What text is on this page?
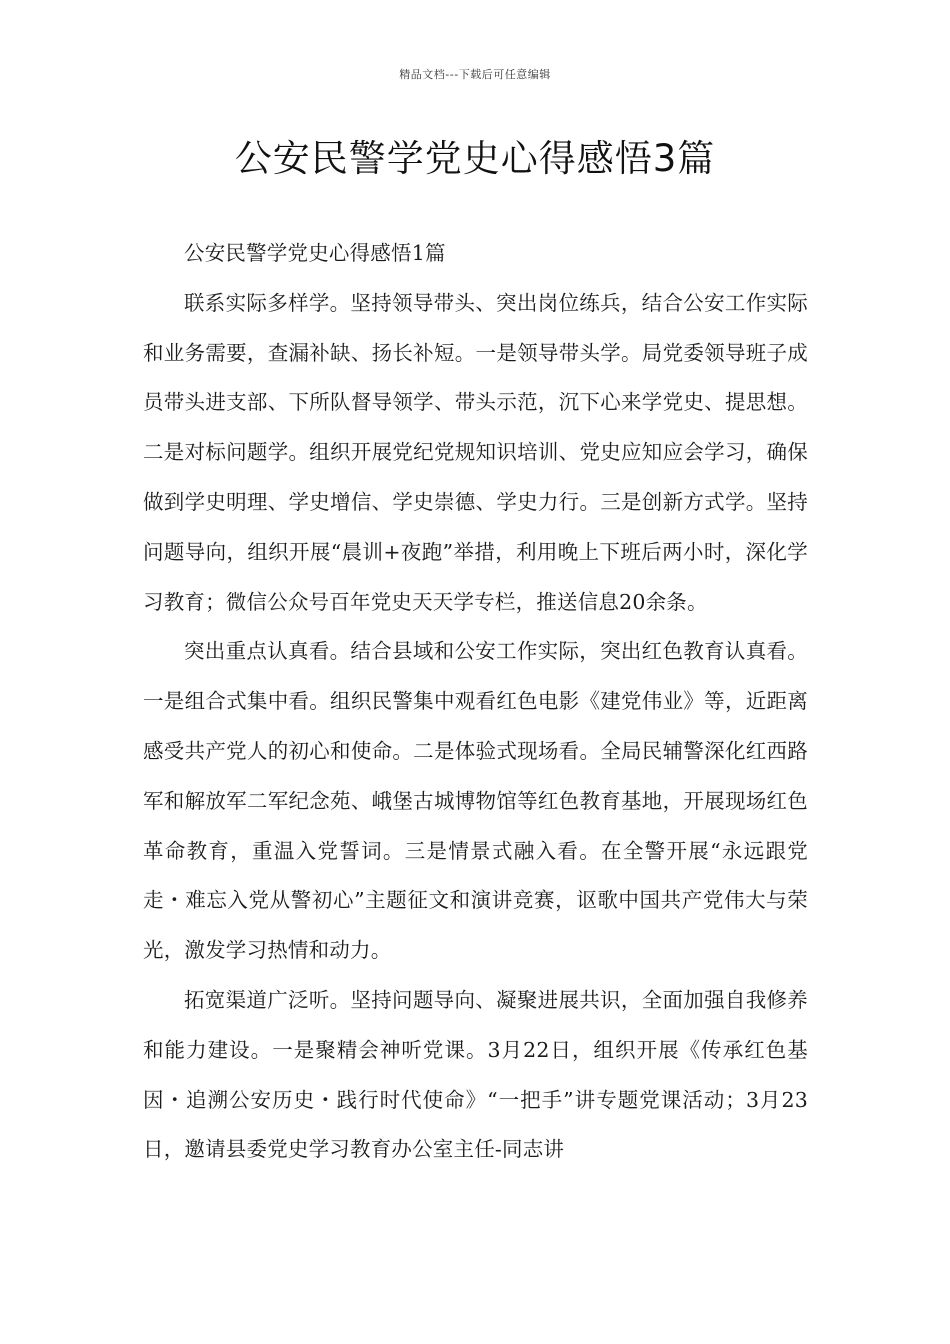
精品文档---下载后可任意编辑
公安民警学党史心得感悟3篇

公安民警学党史心得感悟1篇

联系实际多样学。坚持领导带头、突出岗位练兵，结合公安工作实际和业务需要，查漏补缺、扬长补短。一是领导带头学。局党委领导班子成员带头进支部、下所队督导领学、带头示范，沉下心来学党史、提思想。二是对标问题学。组织开展党纪党规知识培训、党史应知应会学习，确保做到学史明理、学史增信、学史崇德、学史力行。三是创新方式学。坚持问题导向，组织开展“晨训+夜跑”举措，利用晚上下班后两小时，深化学习教育；微信公众号百年党史天天学专栏，推送信息20余条。

突出重点认真看。结合县域和公安工作实际，突出红色教育认真看。一是组合式集中看。组织民警集中观看红色电影《建党伟业》等，近距离感受共产党人的初心和使命。二是体验式现场看。全局民辅警深化红西路军和解放军二军纪念苑、峨堡古城博物馆等红色教育基地，开展现场红色革命教育，重温入党誓词。三是情景式融入看。在全警开展“永远跟党走・难忘入党从警初心”主题征文和演讲竞赛，讴歌中国共产党伟大与荣光，激发学习热情和动力。

拓宽渠道广泛听。坚持问题导向、凝聚进展共识，全面加强自我修养和能力建设。一是聚精会神听党课。3月22日，组织开展《传承红色基因・追溯公安历史・践行时代使命》“一把手”讲专题党课活动；3月23日，邀请县委党史学习教育办公室主任-同志讲
